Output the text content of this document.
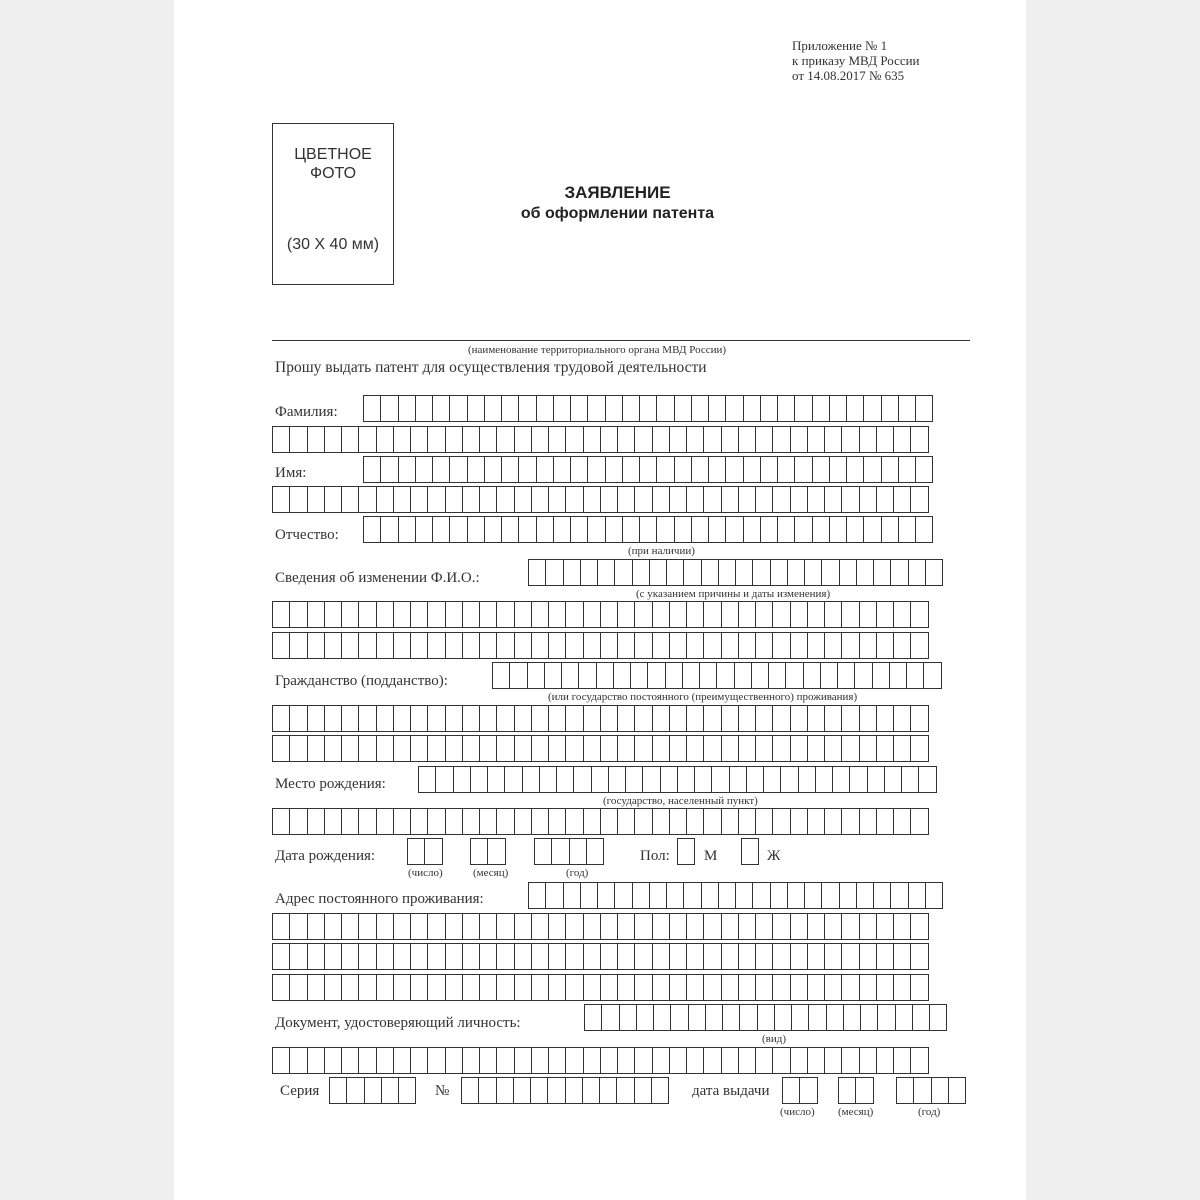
Приложение № 1
к приказу МВД России
от 14.08.2017 № 635
ЦВЕТНОЕ
ФОТО
(30 X 40 мм)
ЗАЯВЛЕНИЕ
об оформлении патента
(наименование территориального органа МВД России)
Прошу выдать патент для осуществления трудовой деятельности
Фамилия:
Имя:
Отчество:
(при наличии)
Сведения об изменении Ф.И.О.:
(с указанием причины и даты изменения)
Гражданство (подданство):
(или государство постоянного (преимущественного) проживания)
Место рождения:
(государство, населенный пункт)
Дата рождения:
(число)	(месяц)	(год)
Пол: М	Ж
Адрес постоянного проживания:
Документ, удостоверяющий личность:
(вид)
Серия	№	дата выдачи
(число) (месяц)	(год)
